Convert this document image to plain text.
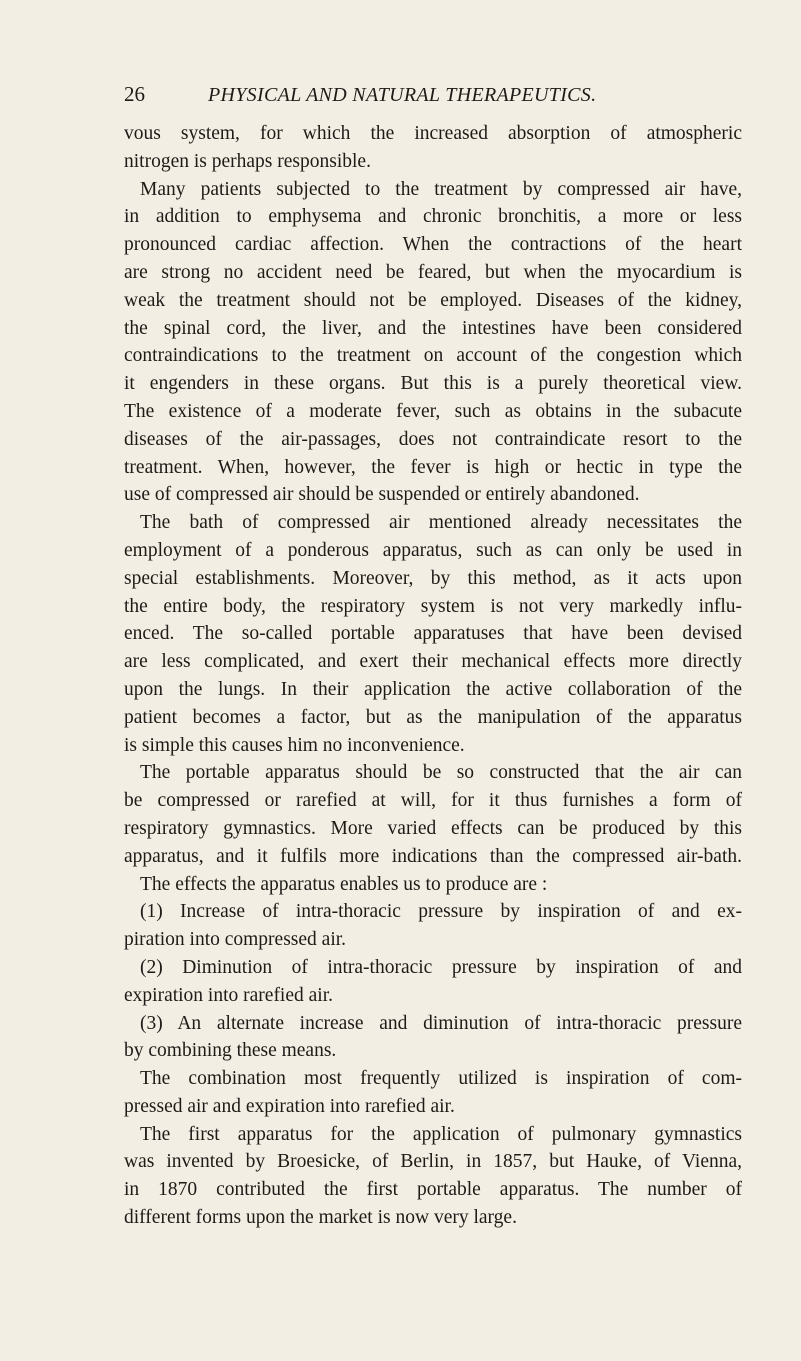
26	PHYSICAL AND NATURAL THERAPEUTICS.
vous system, for which the increased absorption of atmospheric
nitrogen is perhaps responsible.
Many patients subjected to the treatment by compressed air have,
in addition to emphysema and chronic bronchitis, a more or less
pronounced cardiac affection. When the contractions of the heart
are strong no accident need be feared, but when the myocardium is
weak the treatment should not be employed. Diseases of the kidney,
the spinal cord, the liver, and the intestines have been considered
contraindications to the treatment on account of the congestion which
it engenders in these organs. But this is a purely theoretical view.
The existence of a moderate fever, such as obtains in the subacute
diseases of the air-passages, does not contraindicate resort to the
treatment. When, however, the fever is high or hectic in type the
use of compressed air should be suspended or entirely abandoned.
The bath of compressed air mentioned already necessitates the
employment of a ponderous apparatus, such as can only be used in
special establishments. Moreover, by this method, as it acts upon
the entire body, the respiratory system is not very markedly influ-
enced. The so-called portable apparatuses that have been devised
are less complicated, and exert their mechanical effects more directly
upon the lungs. In their application the active collaboration of the
patient becomes a factor, but as the manipulation of the apparatus
is simple this causes him no inconvenience.
The portable apparatus should be so constructed that the air can
be compressed or rarefied at will, for it thus furnishes a form of
respiratory gymnastics. More varied effects can be produced by this
apparatus, and it fulfils more indications than the compressed air-bath.
The effects the apparatus enables us to produce are :
(1) Increase of intra-thoracic pressure by inspiration of and ex-
piration into compressed air.
(2) Diminution of intra-thoracic pressure by inspiration of and
expiration into rarefied air.
(3) An alternate increase and diminution of intra-thoracic pressure
by combining these means.
The combination most frequently utilized is inspiration of com-
pressed air and expiration into rarefied air.
The first apparatus for the application of pulmonary gymnastics
was invented by Broesicke, of Berlin, in 1857, but Hauke, of Vienna,
in 1870 contributed the first portable apparatus. The number of
different forms upon the market is now very large.
